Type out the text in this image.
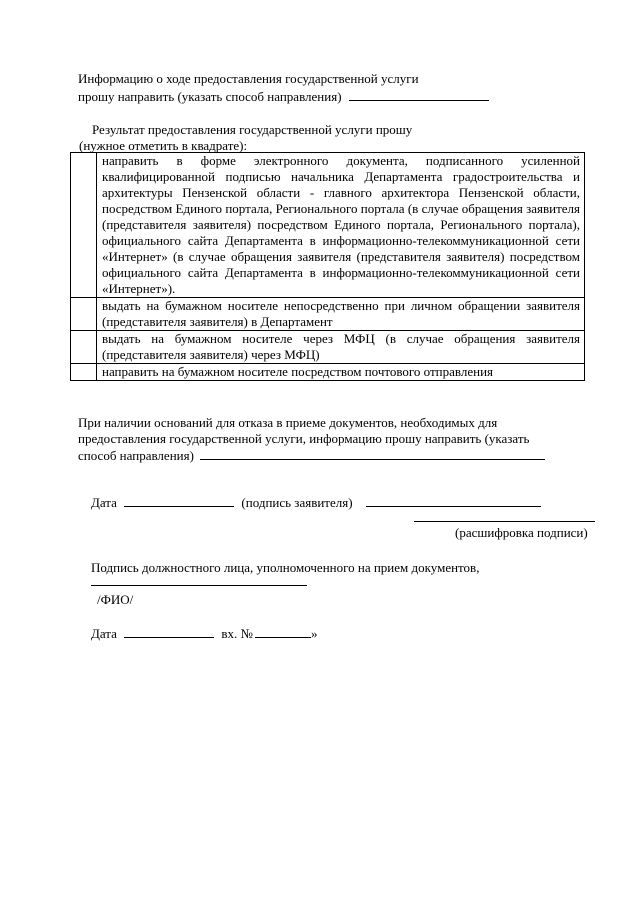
Информацию о ходе предоставления государственной услуги
прошу направить (указать способ направления)
Результат предоставления государственной услуги прошу
(нужное отметить в квадрате):
	направить в форме электронного документа, подписанного усиленной квалифицированной подписью начальника Департамента градостроительства и архитектуры Пензенской области - главного архитектора Пензенской области, посредством Единого портала, Регионального портала (в случае обращения заявителя (представителя заявителя) посредством Единого портала, Регионального портала), официального сайта Департамента в информационно-телекоммуникационной сети «Интернет» (в случае обращения заявителя (представителя заявителя) посредством официального сайта Департамента в информационно-телекоммуникационной сети «Интернет»).
	выдать на бумажном носителе непосредственно при личном обращении заявителя (представителя заявителя) в Департамент
	выдать на бумажном носителе через МФЦ (в случае обращения заявителя (представителя заявителя) через МФЦ)
	направить на бумажном носителе посредством почтового отправления
При наличии оснований для отказа в приеме документов, необходимых для
предоставления государственной услуги, информацию прошу направить (указать
способ направления)
Дата	(подпись заявителя)
(расшифровка подписи)
Подпись должностного лица, уполномоченного на прием документов,
/ФИО/
Дата	вх. №	»
